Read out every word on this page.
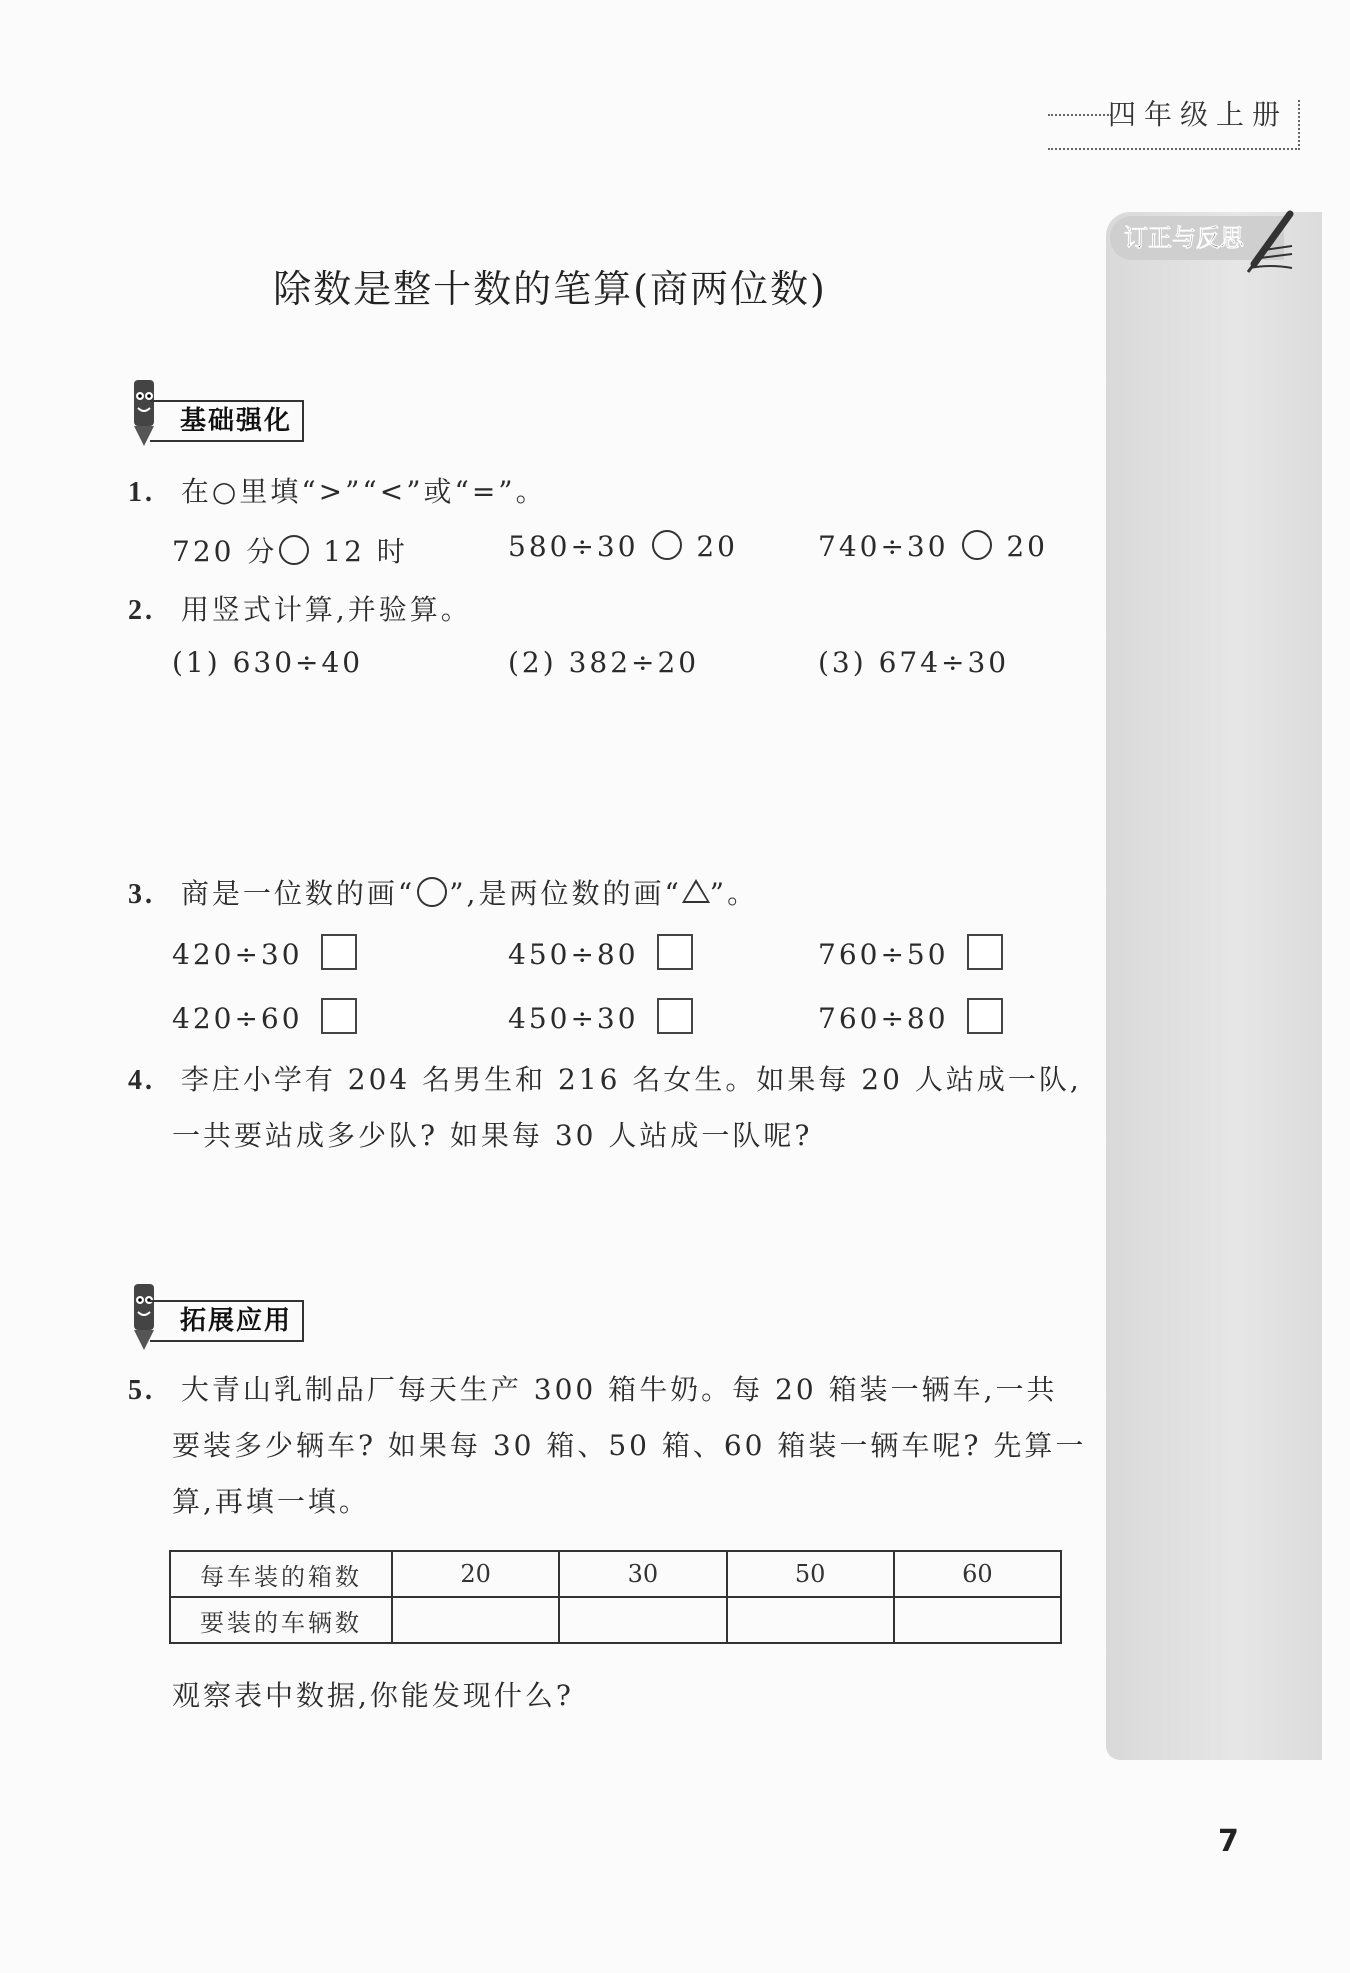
四年级上册
订正与反思
除数是整十数的笔算(商两位数)
基础强化
1. 在○里填“>”“<”或“=”。
720 分 12 时	580÷30 20	740÷30 20
2. 用竖式计算,并验算。
(1) 630÷40	(2) 382÷20	(3) 674÷30
3. 商是一位数的画“ ”,是两位数的画“ ”。
420÷30	450÷80	760÷50
420÷60	450÷30	760÷80
4. 李庄小学有 204 名男生和 216 名女生。如果每 20 人站成一队,
一共要站成多少队? 如果每 30 人站成一队呢?
拓展应用
5. 大青山乳制品厂每天生产 300 箱牛奶。每 20 箱装一辆车,一共
要装多少辆车? 如果每 30 箱、50 箱、60 箱装一辆车呢? 先算一
算,再填一填。
每车装的箱数	20	30	50	60
要装的车辆数				
观察表中数据,你能发现什么?
7
